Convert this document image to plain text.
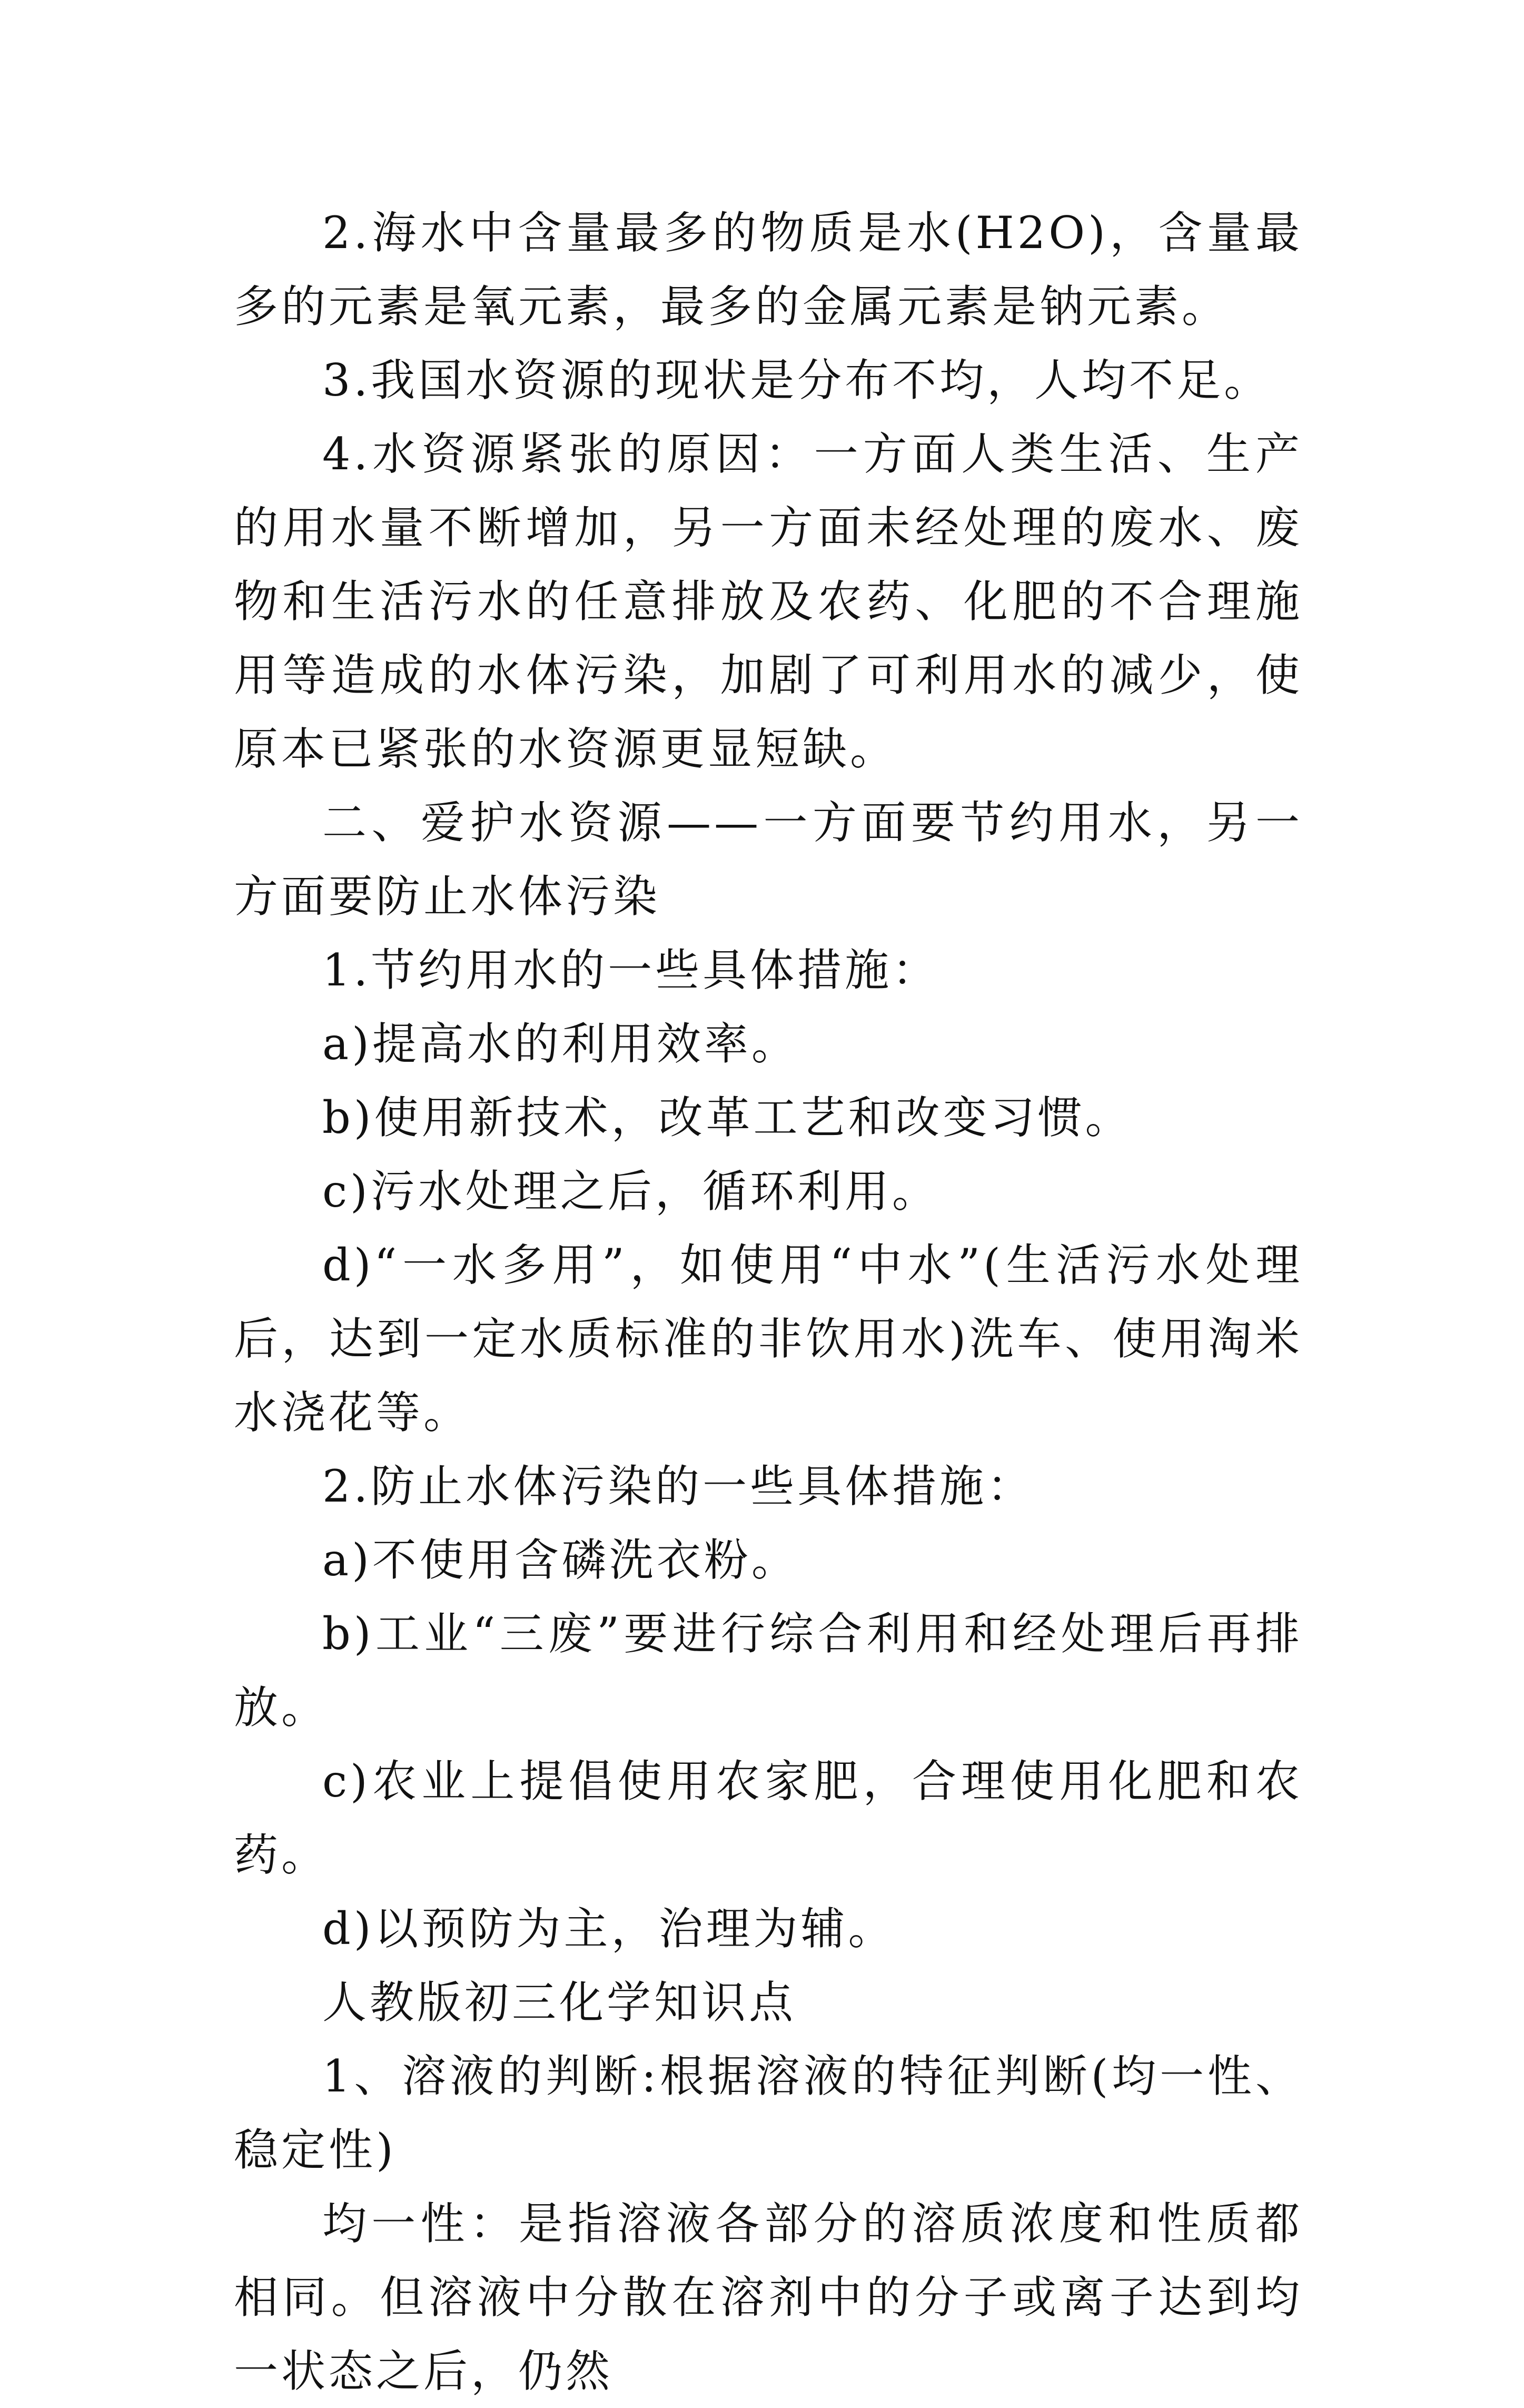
2.海水中含量最多的物质是水(H2O)，含量最多的元素是氧元素，最多的金属元素是钠元素。

3.我国水资源的现状是分布不均，人均不足。

4.水资源紧张的原因：一方面人类生活、生产的用水量不断增加，另一方面未经处理的废水、废物和生活污水的任意排放及农药、化肥的不合理施用等造成的水体污染，加剧了可利用水的减少，使原本已紧张的水资源更显短缺。

二、爱护水资源——一方面要节约用水，另一方面要防止水体污染

1.节约用水的一些具体措施：

a)提高水的利用效率。

b)使用新技术，改革工艺和改变习惯。

c)污水处理之后，循环利用。

d)“一水多用”，如使用“中水”(生活污水处理后，达到一定水质标准的非饮用水)洗车、使用淘米水浇花等。

2.防止水体污染的一些具体措施：

a)不使用含磷洗衣粉。

b)工业“三废”要进行综合利用和经处理后再排放。

c)农业上提倡使用农家肥，合理使用化肥和农药。

d)以预防为主，治理为辅。

人教版初三化学知识点

1、溶液的判断:根据溶液的特征判断(均一性、稳定性)

均一性：是指溶液各部分的溶质浓度和性质都相同。但溶液中分散在溶剂中的分子或离子达到均一状态之后，仍然
